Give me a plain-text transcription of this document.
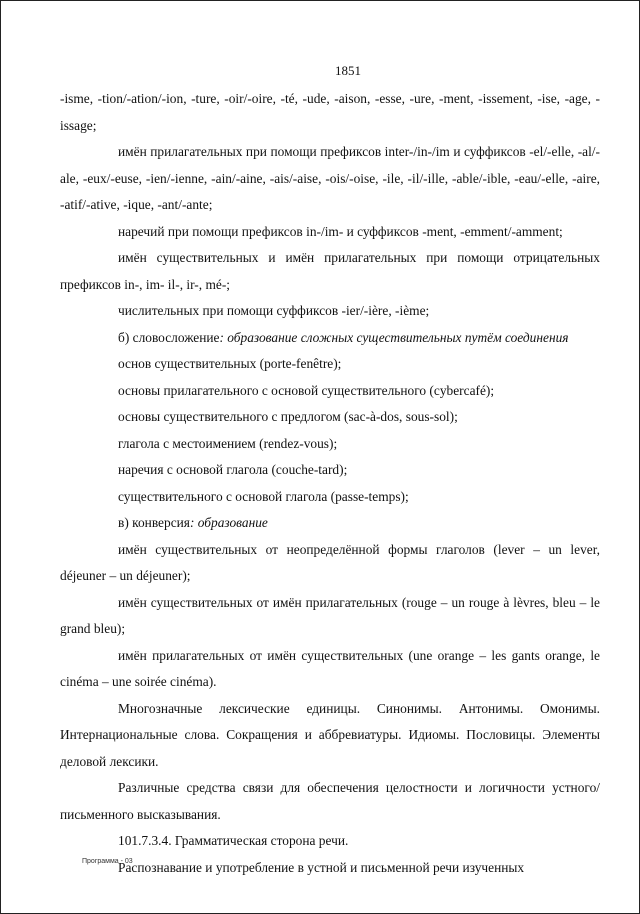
1851

-isme, -tion/-ation/-ion, -ture, -oir/-oire, -té, -ude, -aison, -esse, -ure, -ment, -issement, -ise, -age, -issage;

имён прилагательных при помощи префиксов inter-/in-/im и суффиксов -el/-elle, -al/-ale, -eux/-euse, -ien/-ienne, -ain/-aine, -ais/-aise, -ois/-oise, -ile, -il/-ille, -able/-ible, -eau/-elle, -aire, -atif/-ative, -ique, -ant/-ante;

наречий при помощи префиксов in-/im- и суффиксов -ment, -emment/-amment;

имён существительных и имён прилагательных при помощи отрицательных префиксов in-, im- il-, ir-, mé-;

числительных при помощи суффиксов -ier/-ière, -ième;

б) словосложение: образование сложных существительных путём соединения

основ существительных (porte-fenêtre);

основы прилагательного с основой существительного (cybercafé);

основы существительного с предлогом (sac-à-dos, sous-sol);

глагола с местоимением (rendez-vous);

наречия с основой глагола (couche-tard);

существительного с основой глагола (passe-temps);

в) конверсия: образование

имён существительных от неопределённой формы глаголов (lever – un lever, déjeuner – un déjeuner);

имён существительных от имён прилагательных (rouge – un rouge à lèvres, bleu – le grand bleu);

имён прилагательных от имён существительных (une orange – les gants orange, le cinéma – une soirée cinéma).

Многозначные лексические единицы. Синонимы. Антонимы. Омонимы. Интернациональные слова. Сокращения и аббревиатуры. Идиомы. Пословицы. Элементы деловой лексики.

Различные средства связи для обеспечения целостности и логичности устного/письменного высказывания.

101.7.3.4. Грамматическая сторона речи.

Распознавание и употребление в устной и письменной речи изученных

Программа - 03
